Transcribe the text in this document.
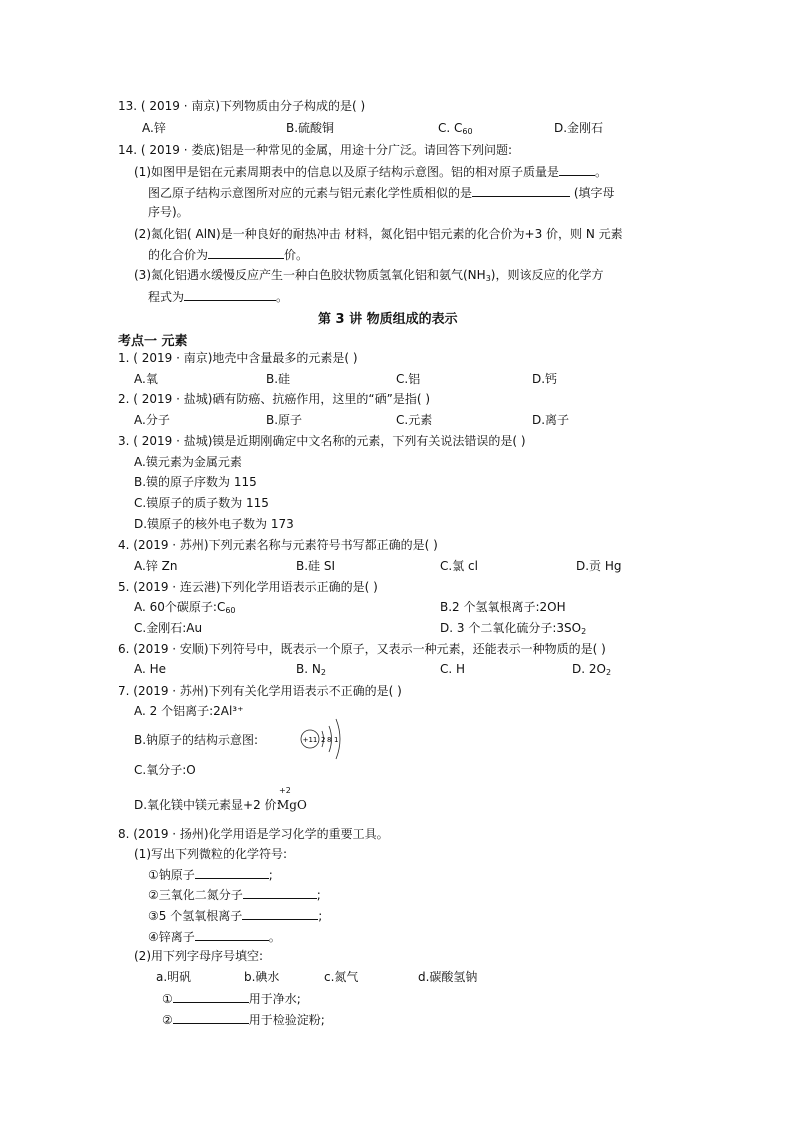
13. ( 2019 · 南京)下列物质由分子构成的是( )
A.锌	B.硫酸铜	C. $C_{60}$	D.金刚石
14. ( 2019 · 娄底)铝是一种常见的金属，用途十分广泛。请回答下列问题:
(1)如图甲是铝在元素周期表中的信息以及原子结构示意图。铝的相对原子质量是	。
图乙原子结构示意图所对应的元素与铝元素化学性质相似的是	(填字母
序号)。
(2)氮化铝( AlN)是一种良好的耐热冲击 材料，氮化铝中铝元素的化合价为+3 价，则 N 元素
的化合价为	价。
(3)氮化铝遇水缓慢反应产生一种白色胶状物质氢氧化铝和氨气$(NH_3)$，则该反应的化学方
程式为	。
第 3 讲 物质组成的表示
考点一 元素
1. ( 2019 · 南京)地壳中含量最多的元素是( )
A.氧	B.硅	C.铝	D.钙
2. ( 2019 · 盐城)硒有防癌、抗癌作用，这里的“硒”是指( )
A.分子	B.原子	C.元素	D.离子
3. ( 2019 · 盐城)镆是近期刚确定中文名称的元素，下列有关说法错误的是( )
A.镆元素为金属元素
B.镆的原子序数为 115
C.镆原子的质子数为 115
D.镆原子的核外电子数为 173
4. (2019 · 苏州)下列元素名称与元素符号书写都正确的是( )
A.锌 Zn	B.硅 SI	C.氯 cl	D.贡 Hg
5. (2019 · 连云港)下列化学用语表示正确的是( )
A. 60个碳原子$:C_{60}$	B.2 个氢氧根离子:2OH
C.金刚石:Au	D. 3 个二氧化硫分子$:3SO_2$
6. (2019 · 安顺)下列符号中，既表示一个原子，又表示一种元素，还能表示一种物质的是( )
A. He	B. $N_2$	C. H	D. $2O_2$
7. (2019 · 苏州)下列有关化学用语表示不正确的是( )
A. 2 个铝离子:2Al³⁺
B.钠原子的结构示意图:	+11 2 8 1
C.氧分子:O
D.氧化镁中镁元素显+2 价:
+2
MgO
8. (2019 · 扬州)化学用语是学习化学的重要工具。
(1)写出下列微粒的化学符号:
①钠原子	;
②三氧化二氮分子	;
③5 个氢氧根离子	;
④锌离子	。
(2)用下列字母序号填空:
a.明矾	b.碘水	c.氮气	d.碳酸氢钠
①	用于净水;
②	用于检验淀粉;
